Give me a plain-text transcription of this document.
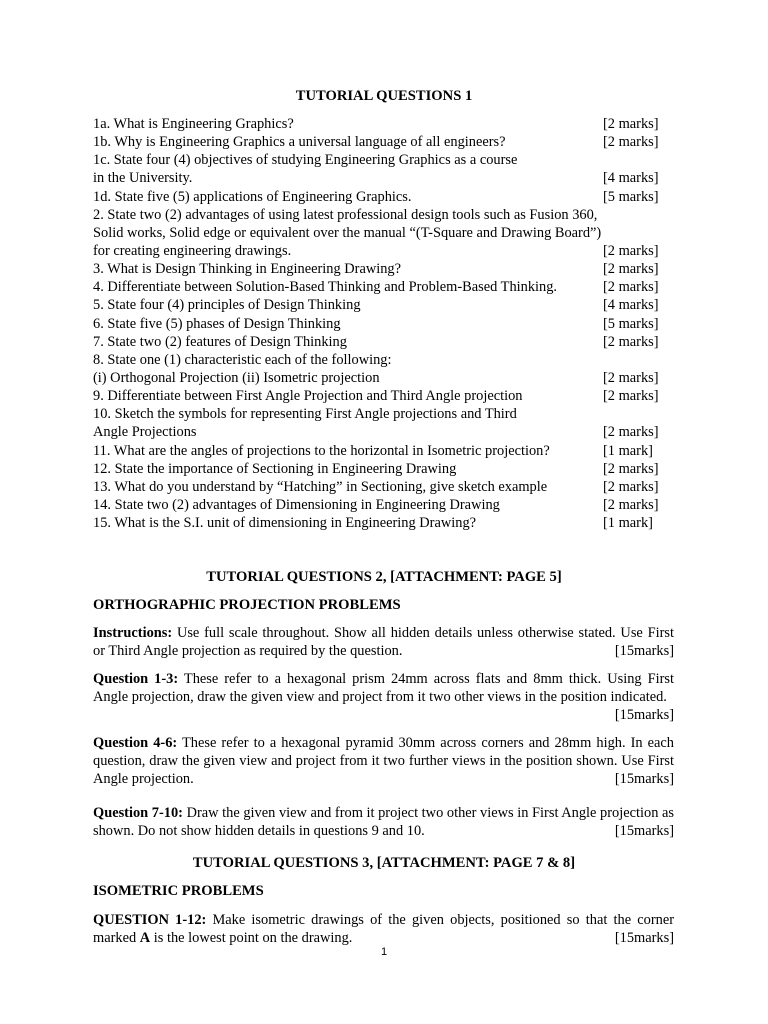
TUTORIAL QUESTIONS 1
1a. What is Engineering Graphics?	[2 marks]
1b. Why is Engineering Graphics a universal language of all engineers?	[2 marks]
1c. State four (4) objectives of studying Engineering Graphics as a course
in the University.	[4 marks]
1d. State five (5) applications of Engineering Graphics.	[5 marks]
2. State two (2) advantages of using latest professional design tools such as Fusion 360,
Solid works, Solid edge or equivalent over the manual “(T-Square and Drawing Board”)
for creating engineering drawings.	[2 marks]
3. What is Design Thinking in Engineering Drawing?	[2 marks]
4. Differentiate between Solution-Based Thinking and Problem-Based Thinking.	[2 marks]
5. State four (4) principles of Design Thinking	[4 marks]
6. State five (5) phases of Design Thinking	[5 marks]
7. State two (2) features of Design Thinking	[2 marks]
8. State one (1) characteristic each of the following:
(i) Orthogonal Projection (ii) Isometric projection	[2 marks]
9. Differentiate between First Angle Projection and Third Angle projection	[2 marks]
10. Sketch the symbols for representing First Angle projections and Third
Angle Projections	[2 marks]
11. What are the angles of projections to the horizontal in Isometric projection?	[1 mark]
12. State the importance of Sectioning in Engineering Drawing	[2 marks]
13. What do you understand by “Hatching” in Sectioning, give sketch example	[2 marks]
14. State two (2) advantages of Dimensioning in Engineering Drawing	[2 marks]
15. What is the S.I. unit of dimensioning in Engineering Drawing?	[1 mark]
TUTORIAL QUESTIONS 2, [ATTACHMENT: PAGE 5]
ORTHOGRAPHIC PROJECTION PROBLEMS
Instructions: Use full scale throughout. Show all hidden details unless otherwise stated. Use First or Third Angle projection as required by the question.	[15marks]
Question 1-3: These refer to a hexagonal prism 24mm across flats and 8mm thick. Using First Angle projection, draw the given view and project from it two other views in the position indicated.
[15marks]
Question 4-6: These refer to a hexagonal pyramid 30mm across corners and 28mm high. In each question, draw the given view and project from it two further views in the position shown. Use First Angle projection.	[15marks]
Question 7-10: Draw the given view and from it project two other views in First Angle projection as shown. Do not show hidden details in questions 9 and 10.	[15marks]
TUTORIAL QUESTIONS 3, [ATTACHMENT: PAGE 7 & 8]
ISOMETRIC PROBLEMS
QUESTION 1-12: Make isometric drawings of the given objects, positioned so that the corner marked A is the lowest point on the drawing.	[15marks]
1
